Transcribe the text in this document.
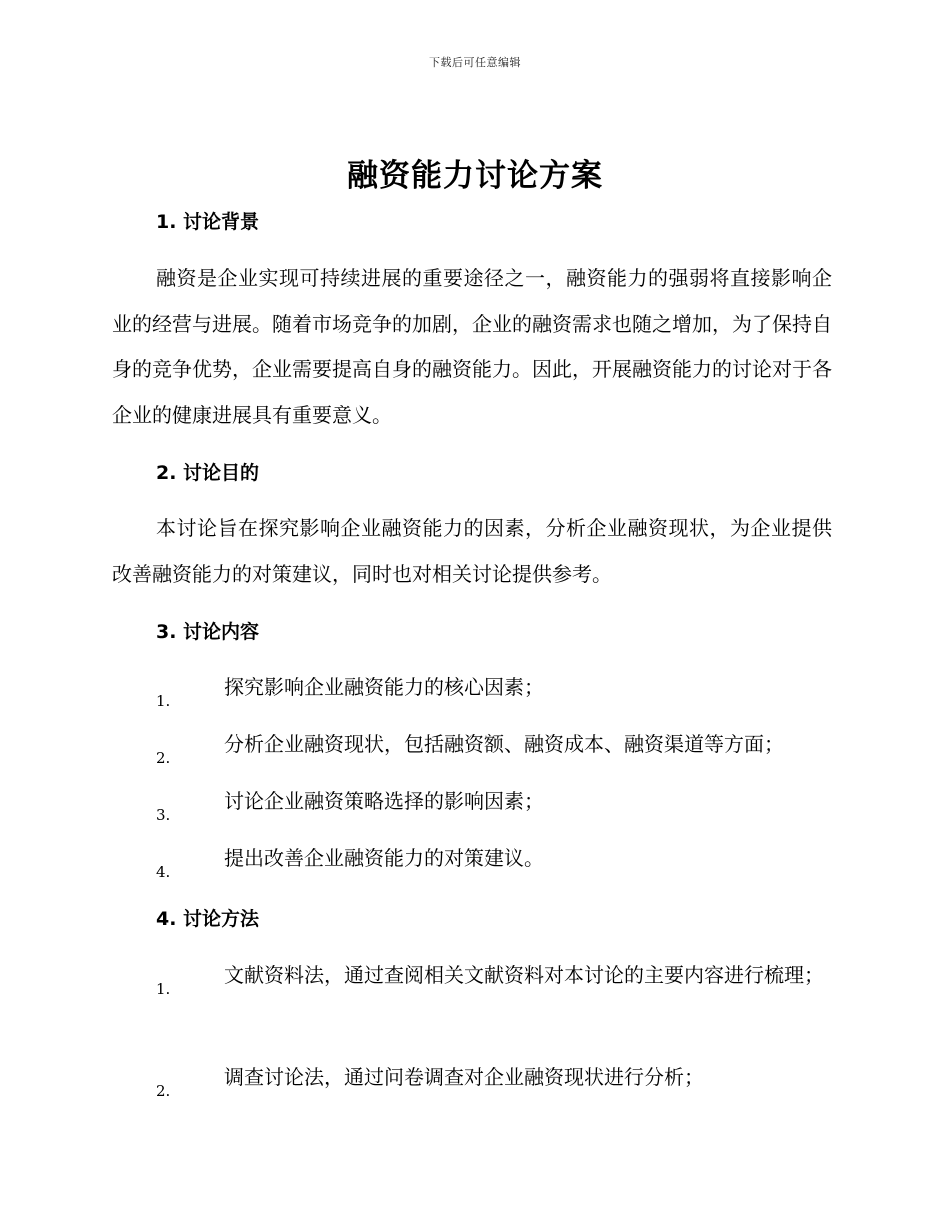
下载后可任意编辑
融资能力讨论方案
1. 讨论背景
融资是企业实现可持续进展的重要途径之一，融资能力的强弱将直接影响企业的经营与进展。随着市场竞争的加剧，企业的融资需求也随之增加，为了保持自身的竞争优势，企业需要提高自身的融资能力。因此，开展融资能力的讨论对于各企业的健康进展具有重要意义。
2. 讨论目的
本讨论旨在探究影响企业融资能力的因素，分析企业融资现状，为企业提供改善融资能力的对策建议，同时也对相关讨论提供参考。
3. 讨论内容
1.
探究影响企业融资能力的核心因素；
2.
分析企业融资现状，包括融资额、融资成本、融资渠道等方面；
3.
讨论企业融资策略选择的影响因素；
4.
提出改善企业融资能力的对策建议。
4. 讨论方法
1.
文献资料法，通过查阅相关文献资料对本讨论的主要内容进行梳理；
2.
调查讨论法，通过问卷调查对企业融资现状进行分析；
